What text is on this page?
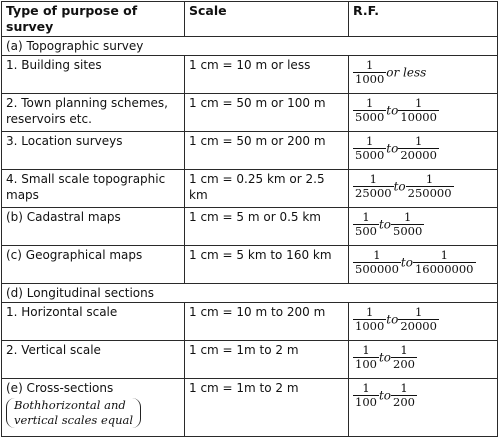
Type of purpose of survey	Scale	R.F.
(a) Topographic survey		
1. Building sites	1 cm = 10 m or less	$\frac{1}{1000}$ or less
2. Town planning schemes, reservoirs etc.	1 cm = 50 m or 100 m	$\frac{1}{5000}$ to $\frac{1}{10000}$

3. Location surveys	1 cm = 50 m or 200 m	$\frac{1}{5000}$ to $\frac{1}{20000}$

4. Small scale topographic maps	1 cm = 0.25 km or 2.5 km	$\frac{1}{25000}$ to $\frac{1}{250000}$

(b) Cadastral maps	1 cm = 5 m or 0.5 km	$\frac{1}{500}$ to $\frac{1}{5000}$

(c) Geographical maps	1 cm = 5 km to 160 km	$\frac{1}{500000}$ to $\frac{1}{16000000}$

(d) Longitudinal sections		
1. Horizontal scale	1 cm = 10 m to 200 m	$\frac{1}{1000}$ to $\frac{1}{20000}$

2. Vertical scale	1 cm = 1m to 2 m	$\frac{1}{100}$ to $\frac{1}{200}$

(e) Cross-sections
Bothhorizontal and
vertical scales equal	1 cm = 1m to 2 m	$\frac{1}{100}$ to $\frac{1}{200}$
